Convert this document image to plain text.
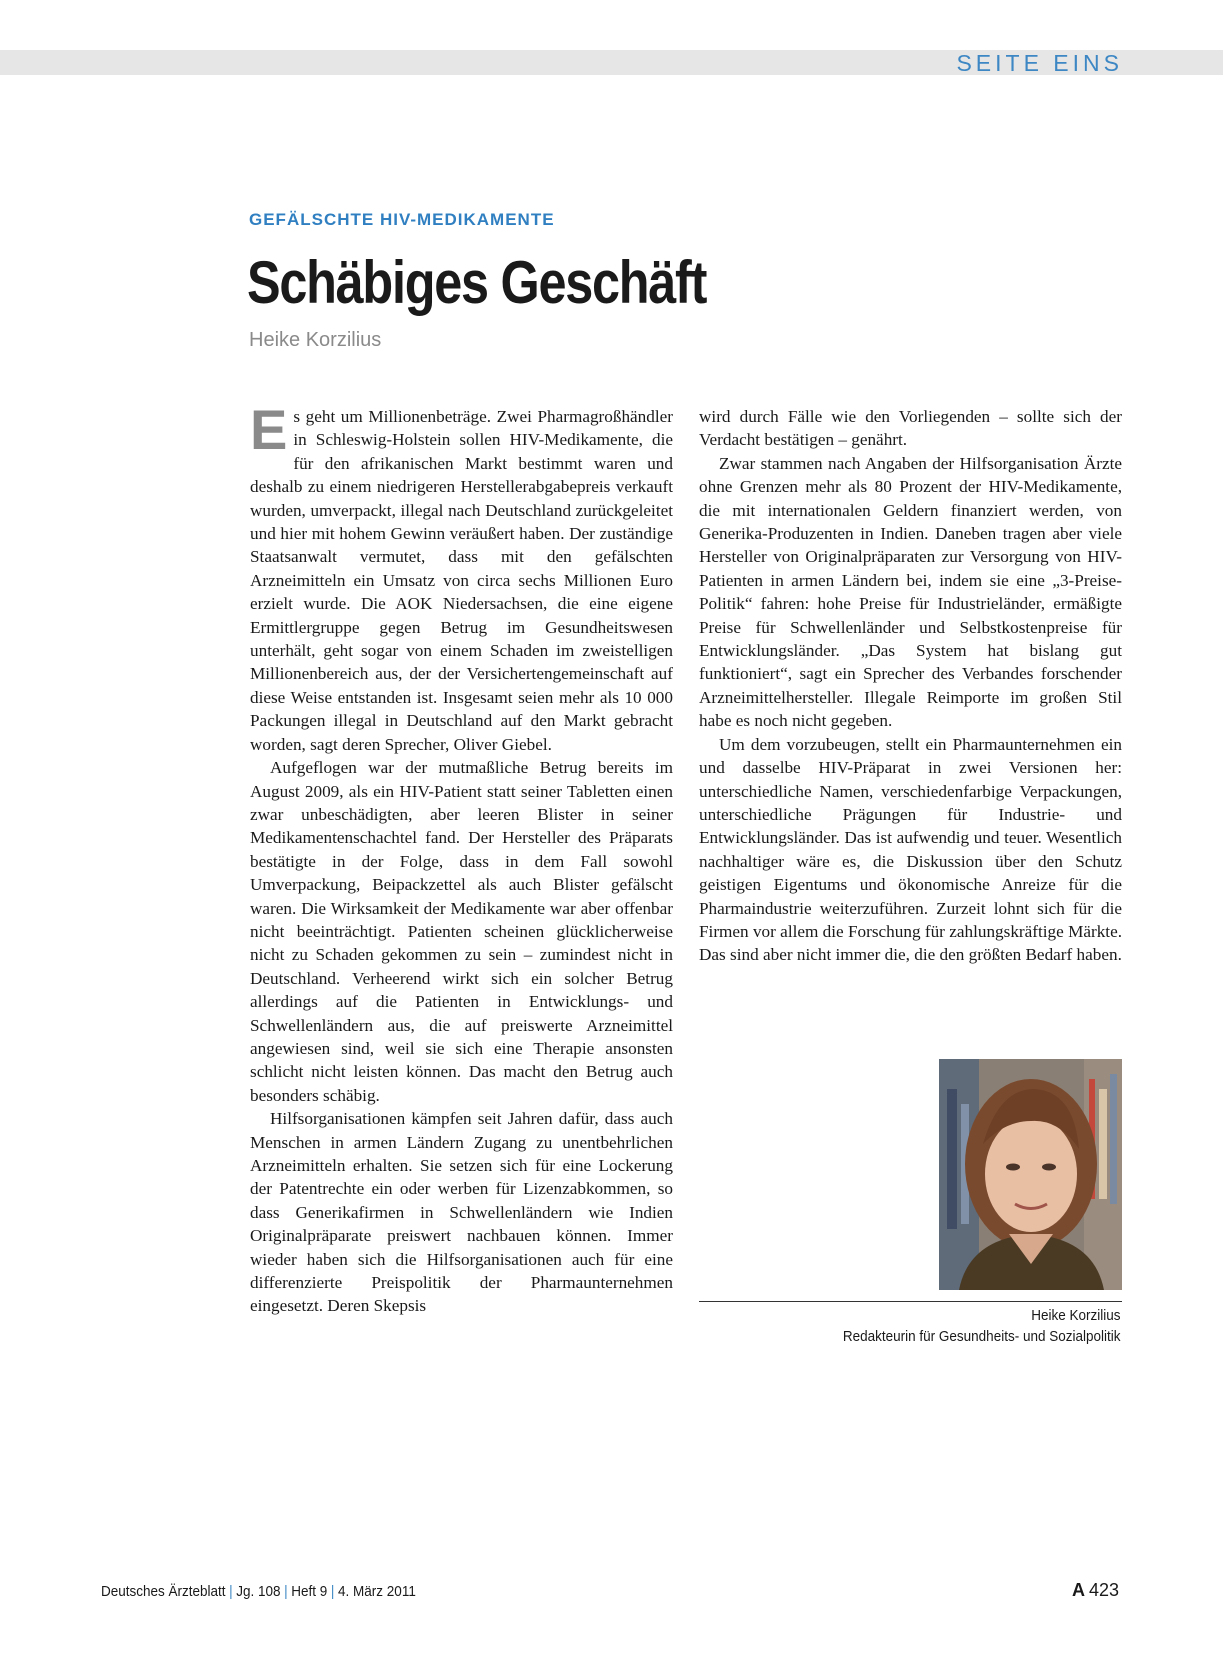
SEITE EINS
GEFÄLSCHTE HIV-MEDIKAMENTE
Schäbiges Geschäft
Heike Korzilius

Es geht um Millionenbeträge. Zwei Pharmagroßhändler in Schleswig-Holstein sollen HIV-Medikamente, die für den afrikanischen Markt bestimmt waren und deshalb zu einem niedrigeren Herstellerabgabepreis verkauft wurden, umverpackt, illegal nach Deutschland zurückgeleitet und hier mit hohem Gewinn veräußert haben. Der zuständige Staatsanwalt vermutet, dass mit den gefälschten Arzneimitteln ein Umsatz von circa sechs Millionen Euro erzielt wurde. Die AOK Niedersachsen, die eine eigene Ermittlergruppe gegen Betrug im Gesundheitswesen unterhält, geht sogar von einem Schaden im zweistelligen Millionenbereich aus, der der Versichertengemeinschaft auf diese Weise entstanden ist. Insgesamt seien mehr als 10 000 Packungen illegal in Deutschland auf den Markt gebracht worden, sagt deren Sprecher, Oliver Giebel.

Aufgeflogen war der mutmaßliche Betrug bereits im August 2009, als ein HIV-Patient statt seiner Tabletten einen zwar unbeschädigten, aber leeren Blister in seiner Medikamentenschachtel fand. Der Hersteller des Präparats bestätigte in der Folge, dass in dem Fall sowohl Umverpackung, Beipackzettel als auch Blister gefälscht waren. Die Wirksamkeit der Medikamente war aber offenbar nicht beeinträchtigt. Patienten scheinen glücklicherweise nicht zu Schaden gekommen zu sein – zumindest nicht in Deutschland. Verheerend wirkt sich ein solcher Betrug allerdings auf die Patienten in Entwicklungs- und Schwellenländern aus, die auf preiswerte Arzneimittel angewiesen sind, weil sie sich eine Therapie ansonsten schlicht nicht leisten können. Das macht den Betrug auch besonders schäbig.

Hilfsorganisationen kämpfen seit Jahren dafür, dass auch Menschen in armen Ländern Zugang zu unentbehrlichen Arzneimitteln erhalten. Sie setzen sich für eine Lockerung der Patentrechte ein oder werben für Lizenzabkommen, so dass Generikafirmen in Schwellenländern wie Indien Originalpräparate preiswert nachbauen können. Immer wieder haben sich die Hilfsorganisationen auch für eine differenzierte Preispolitik der Pharmaunternehmen eingesetzt. Deren Skepsis

wird durch Fälle wie den Vorliegenden – sollte sich der Verdacht bestätigen – genährt.

Zwar stammen nach Angaben der Hilfsorganisation Ärzte ohne Grenzen mehr als 80 Prozent der HIV-Medikamente, die mit internationalen Geldern finanziert werden, von Generika-Produzenten in Indien. Daneben tragen aber viele Hersteller von Originalpräparaten zur Versorgung von HIV-Patienten in armen Ländern bei, indem sie eine „3-Preise-Politik“ fahren: hohe Preise für Industrieländer, ermäßigte Preise für Schwellenländer und Selbstkostenpreise für Entwicklungsländer. „Das System hat bislang gut funktioniert“, sagt ein Sprecher des Verbandes forschender Arzneimittelhersteller. Illegale Reimporte im großen Stil habe es noch nicht gegeben.

Um dem vorzubeugen, stellt ein Pharmaunternehmen ein und dasselbe HIV-Präparat in zwei Versionen her: unterschiedliche Namen, verschiedenfarbige Verpackungen, unterschiedliche Prägungen für Industrie- und Entwicklungsländer. Das ist aufwendig und teuer. Wesentlich nachhaltiger wäre es, die Diskussion über den Schutz geistigen Eigentums und ökonomische Anreize für die Pharmaindustrie weiterzuführen. Zurzeit lohnt sich für die Firmen vor allem die Forschung für zahlungskräftige Märkte. Das sind aber nicht immer die, die den größten Bedarf haben.

Heike Korzilius
Redakteurin für Gesundheits- und Sozialpolitik
Deutsches Ärzteblatt | Jg. 108 | Heft 9 | 4. März 2011	A 423
